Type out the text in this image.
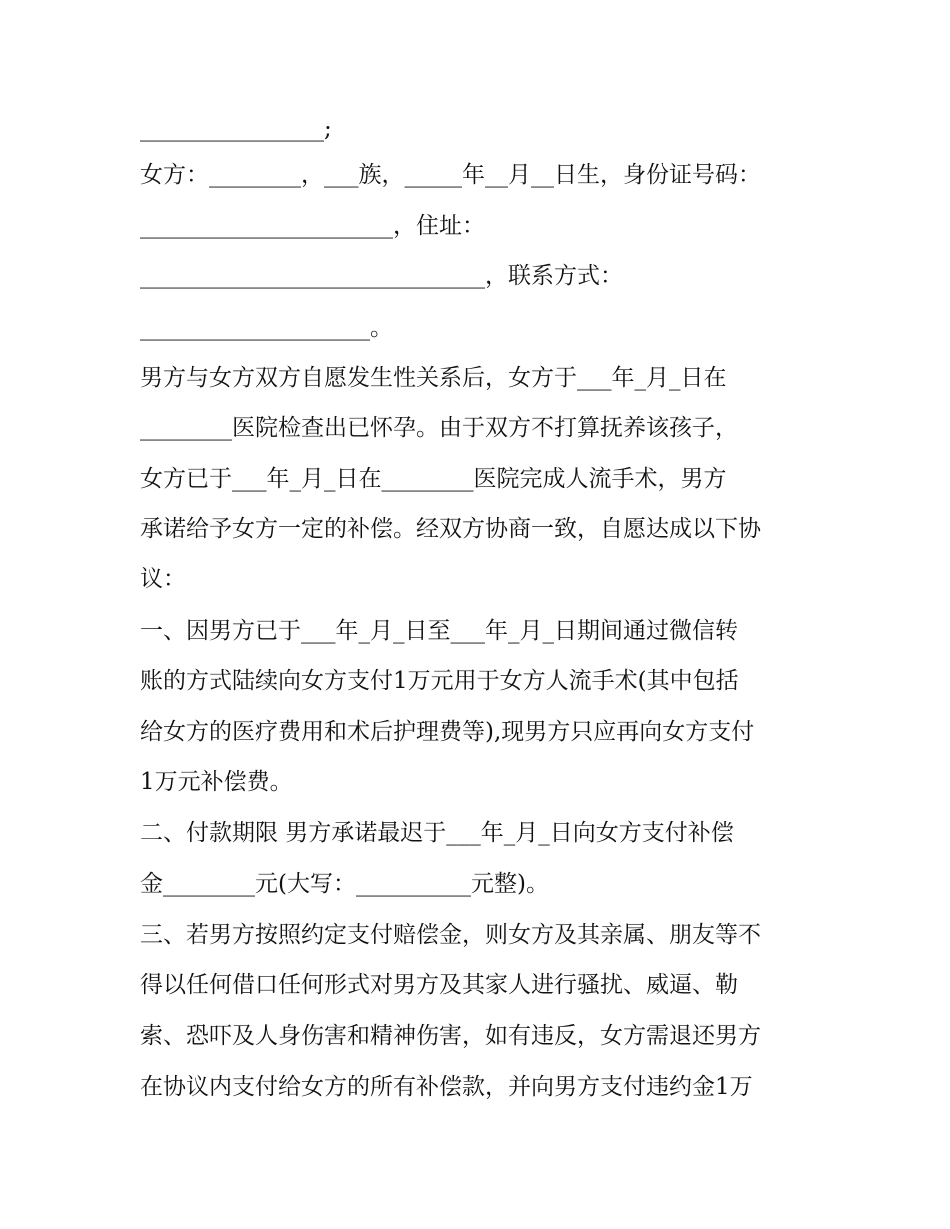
________________;
女方：________，___族，_____年__月__日生，身份证号码：
______________________，住址：
______________________________，联系方式：
____________________。
男方与女方双方自愿发生性关系后，女方于___年_月_日在
________医院检查出已怀孕。由于双方不打算抚养该孩子，
女方已于___年_月_日在________医院完成人流手术，男方
承诺给予女方一定的补偿。经双方协商一致，自愿达成以下协
议：
一、因男方已于___年_月_日至___年_月_日期间通过微信转
账的方式陆续向女方支付1万元用于女方人流手术(其中包括
给女方的医疗费用和术后护理费等),现男方只应再向女方支付
1万元补偿费。
二、付款期限 男方承诺最迟于___年_月_日向女方支付补偿
金________元(大写：__________元整)。
三、若男方按照约定支付赔偿金，则女方及其亲属、朋友等不
得以任何借口任何形式对男方及其家人进行骚扰、威逼、勒
索、恐吓及人身伤害和精神伤害，如有违反，女方需退还男方
在协议内支付给女方的所有补偿款，并向男方支付违约金1万
